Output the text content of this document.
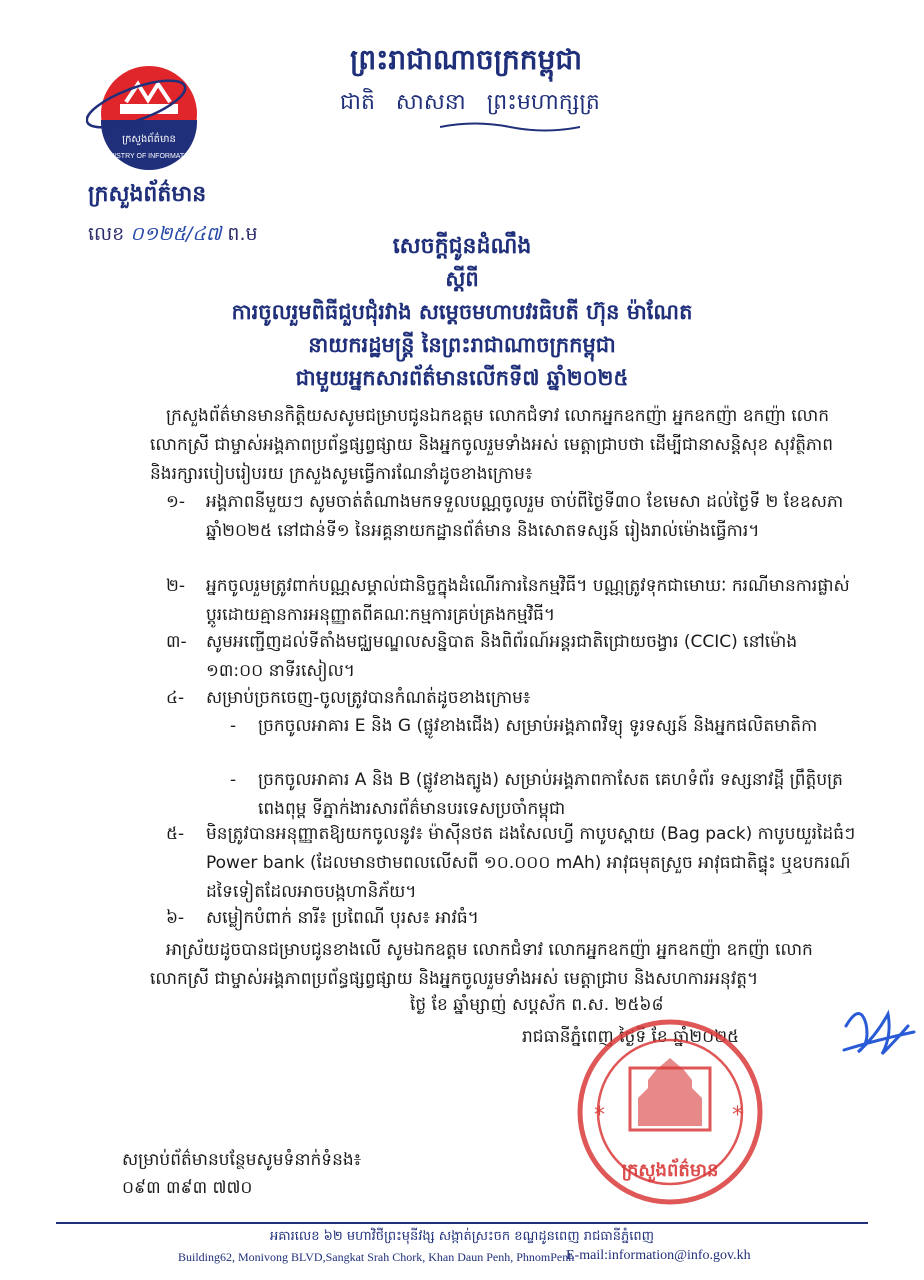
ក្រសួងព័ត៌មាន
MINISTRY OF INFORMATION
ព្រះរាជាណាចក្រកម្ពុជា
ជាតិ សាសនា ព្រះមហាក្សត្រ
ក្រសួងព័ត៌មាន
លេខ ០១២៥/៤៧ ព.ម	សេចក្តីជូនដំណឹង
ស្តីពី
ការចូលរួមពិធីជួបជុំរវាង សម្តេចមហាបវរធិបតី ហ៊ុន ម៉ាណែត
នាយករដ្ឋមន្ត្រី នៃព្រះរាជាណាចក្រកម្ពុជា
ជាមួយអ្នកសារព័ត៌មានលើកទី៧ ឆ្នាំ២០២៥
ក្រសួងព័ត៌មានមានកិត្តិយសសូមជម្រាបជូនឯកឧត្តម លោកជំទាវ លោកអ្នកឧកញ៉ា អ្នកឧកញ៉ា ឧកញ៉ា លោក លោកស្រី ជាម្ចាស់អង្គភាពប្រព័ន្ធផ្សព្វផ្សាយ និងអ្នកចូលរួមទាំងអស់ មេត្តាជ្រាបថា ដើម្បីជានាសន្តិសុខ សុវត្ថិភាព និងរក្សារបៀបរៀបរយ ក្រសួងសូមធ្វើការណែនាំដូចខាងក្រោម៖
១-	អង្គភាពនីមួយៗ សូមចាត់តំណាងមកទទួលបណ្ណចូលរួម ចាប់ពីថ្ងៃទី៣០ ខែមេសា ដល់ថ្ងៃទី ២ ខែឧសភា ឆ្នាំ២០២៥ នៅជាន់ទី១ នៃអគ្គនាយកដ្ឋានព័ត៌មាន និងសោតទស្សន៍ រៀងរាល់ម៉ោងធ្វើការ។
២-	អ្នកចូលរួមត្រូវពាក់បណ្ណសម្គាល់ជានិច្ចក្នុងដំណើរការនៃកម្មវិធី។ បណ្ណត្រូវទុកជាមោឃៈ ករណីមានការផ្លាស់ប្តូរដោយគ្មានការអនុញ្ញាតពីគណៈកម្មការគ្រប់គ្រងកម្មវិធី។
៣-	សូមអញ្ជើញដល់ទីតាំងមជ្ឈមណ្ឌលសន្និបាត និងពិព័រណ៍អន្តរជាតិជ្រោយចង្វារ (CCIC) នៅម៉ោង ១៣:០០ នាទីរសៀល។
៤-	សម្រាប់ច្រកចេញ-ចូលត្រូវបានកំណត់ដូចខាងក្រោម៖
- ច្រកចូលអាគារ E និង G (ផ្លូវខាងជើង) សម្រាប់អង្គភាពវិទ្យុ ទូរទស្សន៍ និងអ្នកផលិតមាតិកា
- ច្រកចូលអាគារ A និង B (ផ្លូវខាងត្បូង) សម្រាប់អង្គភាពកាសែត គេហទំព័រ ទស្សនាវដ្តី ព្រឹត្តិបត្រ ពេងពុម្ព ទីភ្នាក់ងារសារព័ត៌មានបរទេសប្រចាំកម្ពុជា
៥-	មិនត្រូវបានអនុញ្ញាតឱ្យយកចូលនូវ៖ ម៉ាស៊ីនថត ដងសែលហ្វី កាបូបស្ពាយ (Bag pack) កាបូបយួរដៃធំៗ Power bank (ដែលមានថាមពលលើសពី ១០.០០០ mAh) អាវុធមុតស្រួច អាវុធជាតិផ្ទុះ ឬឧបករណ៍ដទៃទៀតដែលអាចបង្កហានិភ័យ។
៦-	សម្លៀកបំពាក់ នារី៖ ប្រពៃណី បុរស៖ អាវធំ។
អាស្រ័យដូចបានជម្រាបជូនខាងលើ សូមឯកឧត្តម លោកជំទាវ លោកអ្នកឧកញ៉ា អ្នកឧកញ៉ា ឧកញ៉ា លោក លោកស្រី ជាម្ចាស់អង្គភាពប្រព័ន្ធផ្សព្វផ្សាយ និងអ្នកចូលរួមទាំងអស់ មេត្តាជ្រាប និងសហការអនុវត្ត។
ថ្ងៃ ខែ ឆ្នាំម្សាញ់ សប្តស័ក ព.ស. ២៥៦៨
រាជធានីភ្នំពេញ ថ្ងៃទី ខែ ឆ្នាំ២០២៥
*	*
ក្រសួងព័ត៌មាន
សម្រាប់ព័ត៌មានបន្ថែមសូមទំនាក់ទំនង៖
០៩៣ ៣៩៣ ៧៧០
អគារលេខ ៦២ មហាវិថីព្រះមុនីវង្ស សង្កាត់ស្រះចក ខណ្ឌដូនពេញ រាជធានីភ្នំពេញ
Building62, Monivong BLVD,Sangkat Srah Chork, Khan Daun Penh, PhnomPenh
E-mail:information@info.gov.kh
